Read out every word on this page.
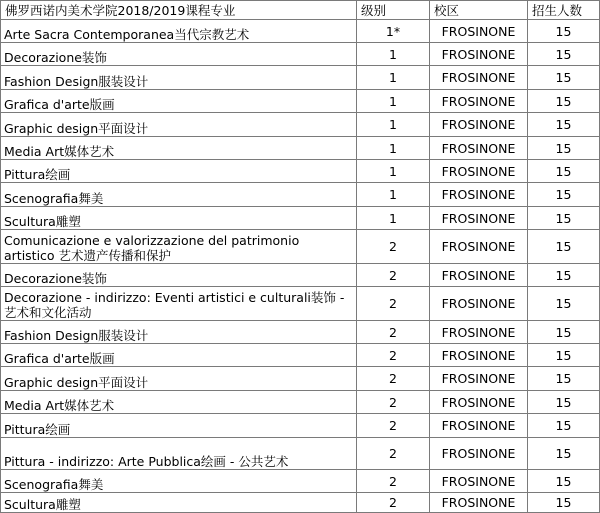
佛罗西诺内美术学院2018/2019课程专业	级别	校区	招生人数
Arte Sacra Contemporanea当代宗教艺术	1*	FROSINONE	15
Decorazione装饰	1	FROSINONE	15
Fashion Design服装设计	1	FROSINONE	15
Grafica d'arte版画	1	FROSINONE	15
Graphic design平面设计	1	FROSINONE	15
Media Art媒体艺术	1	FROSINONE	15
Pittura绘画	1	FROSINONE	15
Scenografia舞美	1	FROSINONE	15
Scultura雕塑	1	FROSINONE	15

Comunicazione e valorizzazione del patrimonio artistico 艺术遗产传播和保护	2	FROSINONE	15
Decorazione装饰	2	FROSINONE	15

Decorazione - indirizzo: Eventi artistici e culturali装饰 - 艺术和文化活动	2	FROSINONE	15
Fashion Design服装设计	2	FROSINONE	15
Grafica d'arte版画	2	FROSINONE	15
Graphic design平面设计	2	FROSINONE	15
Media Art媒体艺术	2	FROSINONE	15
Pittura绘画	2	FROSINONE	15
Pittura - indirizzo: Arte Pubblica绘画 - 公共艺术	2	FROSINONE	15
Scenografia舞美	2	FROSINONE	15
Scultura雕塑	2	FROSINONE	15
